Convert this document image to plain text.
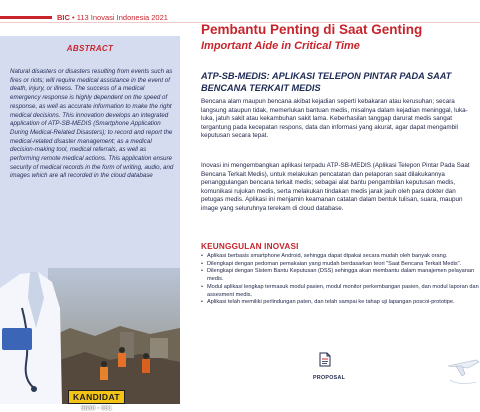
BIC • 113 Inovasi Indonesia 2021
ABSTRACT
Natural disasters or disasters resulting from events such as fires or riots; will require medical assistance in the event of death, injury, or illness. The success of a medical emergency response is highly dependent on the speed of response, as well as accurate information to make the right medical decisions. This innovation develops an integrated application of ATP-SB-MEDIS (Smartphone Application During Medical-Related Disasters); to record and report the medical-related disaster management; as a medical decision-making tool, medical referrals, as well as performing remote medical actions. This application ensure security of medical records in the form of writing, audio, and images which are all recorded in the cloud database
KANDIDAT
5880 - 031
Pembantu Penting di Saat Genting
Important Aide in Critical Time
ATP-SB-MEDIS: APLIKASI TELEPON PINTAR PADA SAAT BENCANA TERKAIT MEDIS

Bencana alam maupun bencana akibat kejadian seperti kebakaran atau kerusuhan; secara langsung ataupun tidak, memerlukan bantuan medis, misalnya dalam kejadian meninggal, luka-luka, jatuh sakit atau kekambuhan sakit lama. Keberhasilan tanggap darurat medis sangat tergantung pada kecepatan respons, data dan informasi yang akurat, agar dapat mengambil keputusan secara tepat.

Inovasi ini mengembangkan aplikasi terpadu ATP-SB-MEDIS (Aplikasi Telepon Pintar Pada Saat Bencana Terkait Medis), untuk melakukan pencatatan dan pelaporan saat dilakukannya penanggulangan bencana terkait medis; sebagai alat bantu pengambilan keputusan medis, komunikasi rujukan medis, serta melakukan tindakan medis jarak jauh oleh para dokter dan petugas medis. Aplikasi ini menjamin keamanan catatan dalam bentuk tulisan, suara, maupun image yang seluruhnya terekam di cloud database.

KEUNGGULAN INOVASI
• Aplikasi berbasis smartphone Android, sehingga dapat dipakai secara mudah oleh banyak orang.
• Dilengkapi dengan pedoman pemakaian yang mudah berdasarkan teori "Saat Bencana Terkait Medis".
• Dilengkapi dengan Sistem Bantu Keputusan (DSS) sehingga akan membantu dalam manajemen pelayanan medis.
• Modul aplikasi lengkap termasuk modul pasien, modul monitor perkembangan pasien, dan modul laporan dan assesment medis.
• Aplikasi telah memiliki perlindungan paten, dan telah sampai ke tahap uji lapangan poscoi-prototipe.
PROPOSAL
